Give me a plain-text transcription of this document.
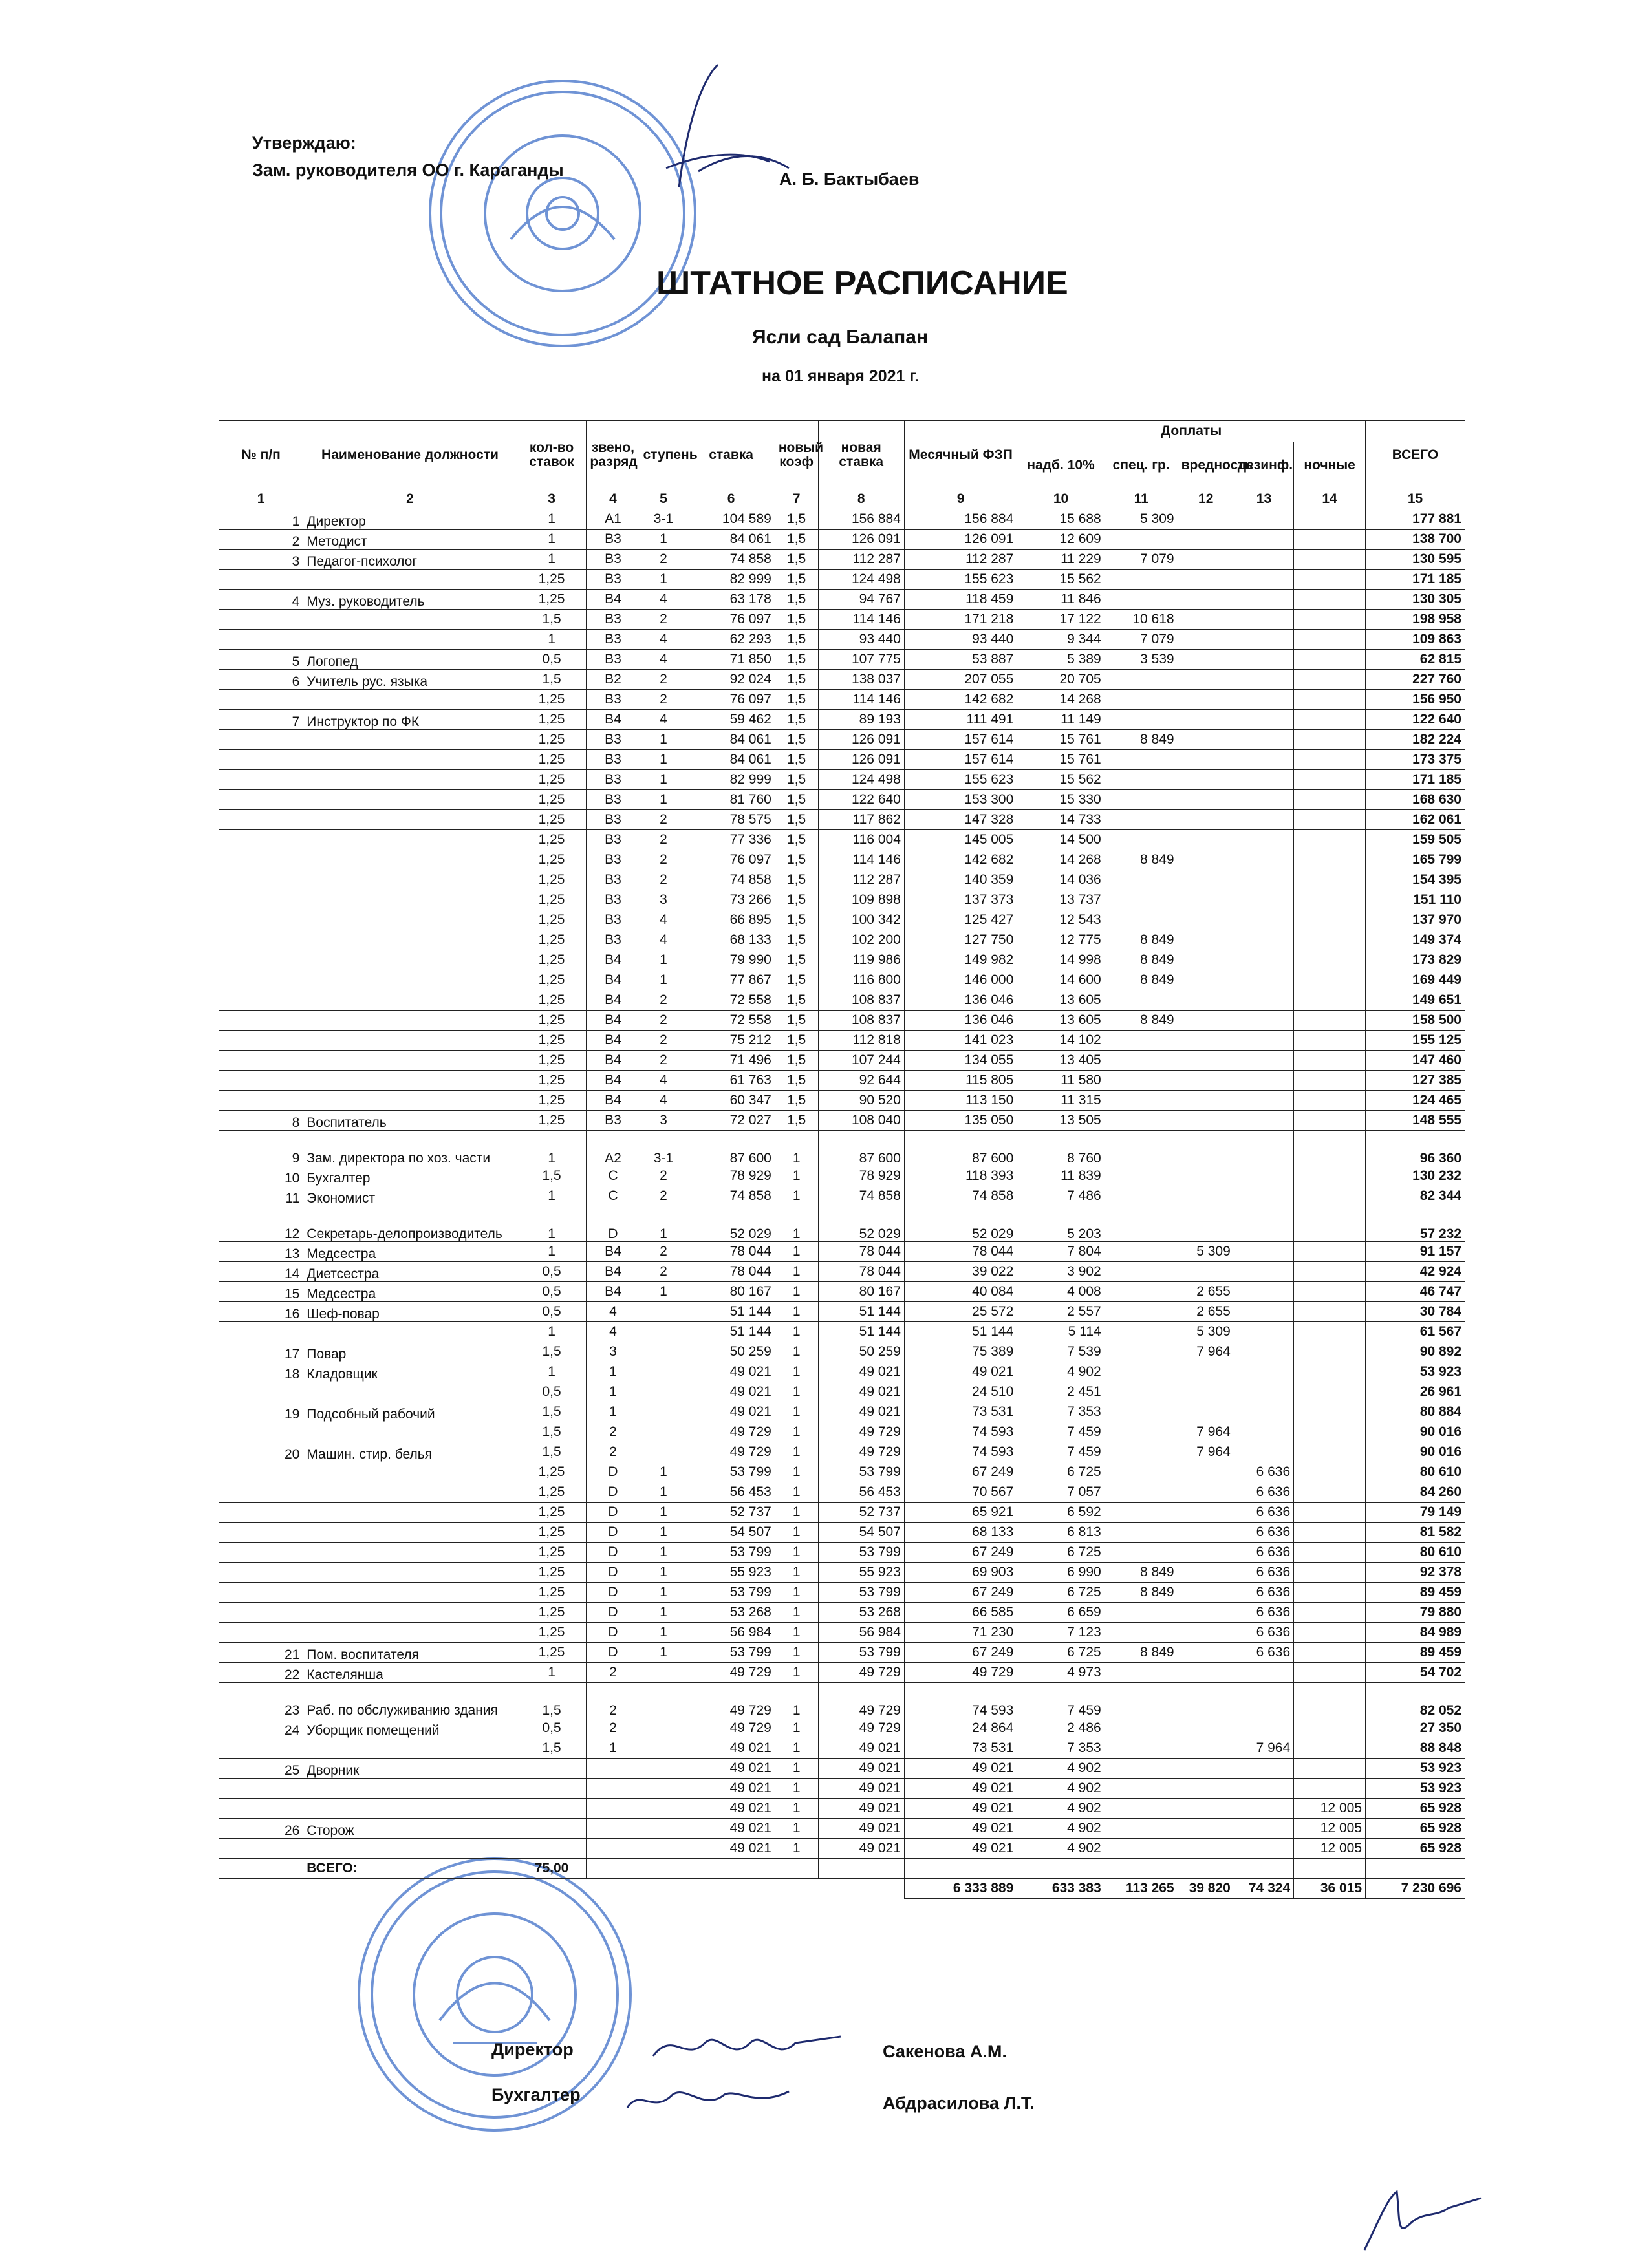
Утверждаю:
Зам. руководителя ОО г. Караганды	А. Б. Бактыбаев
ШТАТНОЕ РАСПИСАНИЕ
Ясли сад Балапан
на 01 января 2021 г.
№ п/п	Наименование должности	кол-во ставок	звено, разряд	ступень	ставка	новый коэф	новая ставка	Месячный ФЗП	Доплаты					ВСЕГО
									надб. 10%	спец. гр.	вредность	дезинф.	ночные	
1	2	3	4	5	6	7	8	9	10	11	12	13	14	15
1	Директор	1	А1	3-1	104 589	1,5	156 884	156 884	15 688	5 309				177 881
2	Методист	1	В3	1	84 061	1,5	126 091	126 091	12 609					138 700
3	Педагог-психолог	1	В3	2	74 858	1,5	112 287	112 287	11 229	7 079				130 595
		1,25	В3	1	82 999	1,5	124 498	155 623	15 562					171 185
4	Муз. руководитель	1,25	В4	4	63 178	1,5	94 767	118 459	11 846					130 305
		1,5	В3	2	76 097	1,5	114 146	171 218	17 122	10 618				198 958
		1	В3	4	62 293	1,5	93 440	93 440	9 344	7 079				109 863
5	Логопед	0,5	В3	4	71 850	1,5	107 775	53 887	5 389	3 539				62 815
6	Учитель рус. языка	1,5	В2	2	92 024	1,5	138 037	207 055	20 705					227 760
		1,25	В3	2	76 097	1,5	114 146	142 682	14 268					156 950
7	Инструктор по ФК	1,25	В4	4	59 462	1,5	89 193	111 491	11 149					122 640
		1,25	В3	1	84 061	1,5	126 091	157 614	15 761	8 849				182 224
		1,25	В3	1	84 061	1,5	126 091	157 614	15 761					173 375
		1,25	В3	1	82 999	1,5	124 498	155 623	15 562					171 185
		1,25	В3	1	81 760	1,5	122 640	153 300	15 330					168 630
		1,25	В3	2	78 575	1,5	117 862	147 328	14 733					162 061
		1,25	В3	2	77 336	1,5	116 004	145 005	14 500					159 505
		1,25	В3	2	76 097	1,5	114 146	142 682	14 268	8 849				165 799
		1,25	В3	2	74 858	1,5	112 287	140 359	14 036					154 395
		1,25	В3	3	73 266	1,5	109 898	137 373	13 737					151 110
		1,25	В3	4	66 895	1,5	100 342	125 427	12 543					137 970
		1,25	В3	4	68 133	1,5	102 200	127 750	12 775	8 849				149 374
		1,25	В4	1	79 990	1,5	119 986	149 982	14 998	8 849				173 829
		1,25	В4	1	77 867	1,5	116 800	146 000	14 600	8 849				169 449
		1,25	В4	2	72 558	1,5	108 837	136 046	13 605					149 651
		1,25	В4	2	72 558	1,5	108 837	136 046	13 605	8 849				158 500
		1,25	В4	2	75 212	1,5	112 818	141 023	14 102					155 125
		1,25	В4	2	71 496	1,5	107 244	134 055	13 405					147 460
		1,25	В4	4	61 763	1,5	92 644	115 805	11 580					127 385
		1,25	В4	4	60 347	1,5	90 520	113 150	11 315					124 465
8	Воспитатель	1,25	В3	3	72 027	1,5	108 040	135 050	13 505					148 555
9	Зам. директора по хоз. части	1	А2	3-1	87 600	1	87 600	87 600	8 760					96 360
10	Бухгалтер	1,5	С	2	78 929	1	78 929	118 393	11 839					130 232
11	Экономист	1	С	2	74 858	1	74 858	74 858	7 486					82 344
12	Секретарь-делопроизводитель	1	D	1	52 029	1	52 029	52 029	5 203					57 232
13	Медсестра	1	В4	2	78 044	1	78 044	78 044	7 804		5 309			91 157
14	Диетсестра	0,5	В4	2	78 044	1	78 044	39 022	3 902					42 924
15	Медсестра	0,5	В4	1	80 167	1	80 167	40 084	4 008		2 655			46 747
16	Шеф-повар	0,5	4		51 144	1	51 144	25 572	2 557		2 655			30 784
		1	4		51 144	1	51 144	51 144	5 114		5 309			61 567
17	Повар	1,5	3		50 259	1	50 259	75 389	7 539		7 964			90 892
18	Кладовщик	1	1		49 021	1	49 021	49 021	4 902					53 923
		0,5	1		49 021	1	49 021	24 510	2 451					26 961
19	Подсобный рабочий	1,5	1		49 021	1	49 021	73 531	7 353					80 884
		1,5	2		49 729	1	49 729	74 593	7 459		7 964			90 016
20	Машин. стир. белья	1,5	2		49 729	1	49 729	74 593	7 459		7 964			90 016
		1,25	D	1	53 799	1	53 799	67 249	6 725			6 636		80 610
		1,25	D	1	56 453	1	56 453	70 567	7 057			6 636		84 260
		1,25	D	1	52 737	1	52 737	65 921	6 592			6 636		79 149
		1,25	D	1	54 507	1	54 507	68 133	6 813			6 636		81 582
		1,25	D	1	53 799	1	53 799	67 249	6 725			6 636		80 610
		1,25	D	1	55 923	1	55 923	69 903	6 990	8 849		6 636		92 378
		1,25	D	1	53 799	1	53 799	67 249	6 725	8 849		6 636		89 459
		1,25	D	1	53 268	1	53 268	66 585	6 659			6 636		79 880
		1,25	D	1	56 984	1	56 984	71 230	7 123			6 636		84 989
21	Пом. воспитателя	1,25	D	1	53 799	1	53 799	67 249	6 725	8 849		6 636		89 459
22	Кастелянша	1	2		49 729	1	49 729	49 729	4 973					54 702
23	Раб. по обслуживанию здания	1,5	2		49 729	1	49 729	74 593	7 459					82 052
24	Уборщик помещений	0,5	2		49 729	1	49 729	24 864	2 486					27 350
		1,5	1		49 021	1	49 021	73 531	7 353			7 964		88 848
25	Дворник				49 021	1	49 021	49 021	4 902					53 923
					49 021	1	49 021	49 021	4 902					53 923
					49 021	1	49 021	49 021	4 902				12 005	65 928
26	Сторож				49 021	1	49 021	49 021	4 902				12 005	65 928
					49 021	1	49 021	49 021	4 902				12 005	65 928
	ВСЕГО:	75,00												
								6 333 889	633 383	113 265	39 820	74 324	36 015	7 230 696
Директор	Сакенова А.М.
Бухгалтер	Абдрасилова Л.Т.
